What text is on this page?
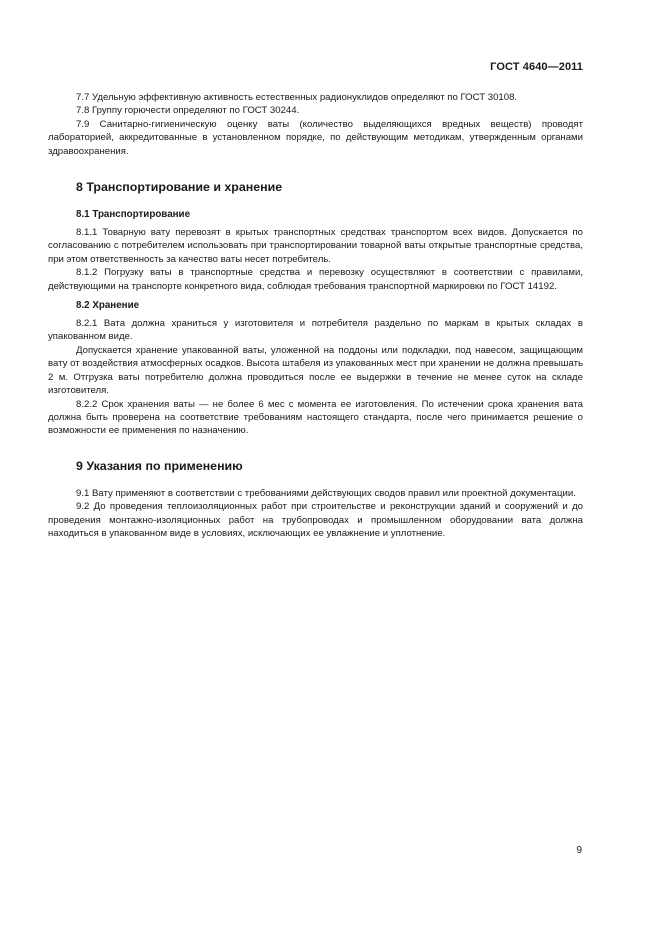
ГОСТ 4640—2011

7.7 Удельную эффективную активность естественных радионуклидов определяют по ГОСТ 30108.

7.8 Группу горючести определяют по ГОСТ 30244.

7.9 Санитарно-гигиеническую оценку ваты (количество выделяющихся вредных веществ) проводят лабораторией, аккредитованные в установленном порядке, по действующим методикам, утвержденным органами здравоохранения.

8 Транспортирование и хранение
8.1 Транспортирование

8.1.1 Товарную вату перевозят в крытых транспортных средствах транспортом всех видов. Допускается по согласованию с потребителем использовать при транспортировании товарной ваты открытые транспортные средства, при этом ответственность за качество ваты несет потребитель.

8.1.2 Погрузку ваты в транспортные средства и перевозку осуществляют в соответствии с правилами, действующими на транспорте конкретного вида, соблюдая требования транспортной маркировки по ГОСТ 14192.

8.2 Хранение

8.2.1 Вата должна храниться у изготовителя и потребителя раздельно по маркам в крытых складах в упакованном виде.

Допускается хранение упакованной ваты, уложенной на поддоны или подкладки, под навесом, защищающим вату от воздействия атмосферных осадков. Высота штабеля из упакованных мест при хранении не должна превышать 2 м. Отгрузка ваты потребителю должна проводиться после ее выдержки в течение не менее суток на складе изготовителя.

8.2.2 Срок хранения ваты — не более 6 мес с момента ее изготовления. По истечении срока хранения вата должна быть проверена на соответствие требованиям настоящего стандарта, после чего принимается решение о возможности ее применения по назначению.

9 Указания по применению

9.1 Вату применяют в соответствии с требованиями действующих сводов правил или проектной документации.

9.2 До проведения теплоизоляционных работ при строительстве и реконструкции зданий и сооружений и до проведения монтажно-изоляционных работ на трубопроводах и промышленном оборудовании вата должна находиться в упакованном виде в условиях, исключающих ее увлажнение и уплотнение.

9
